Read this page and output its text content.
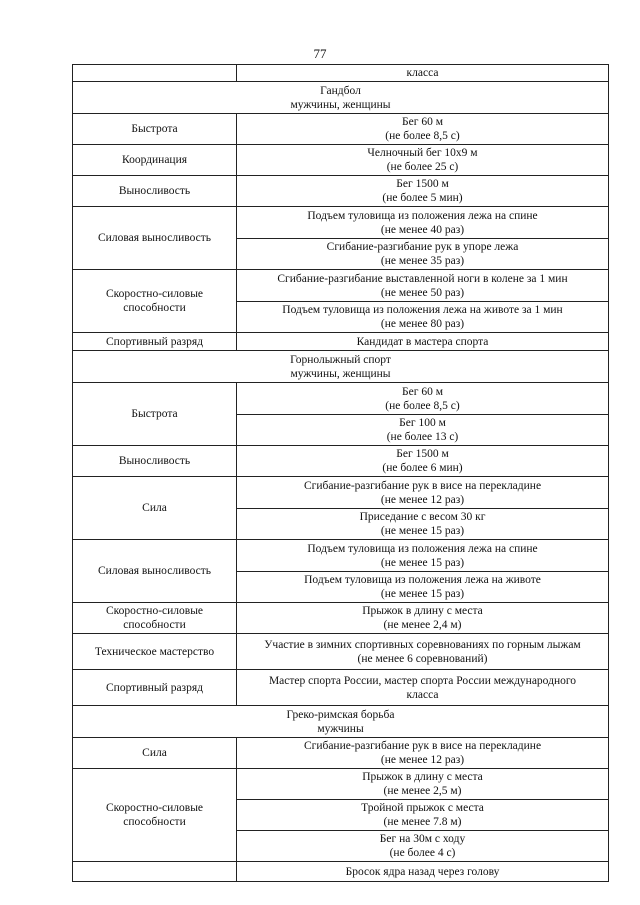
77

	класса

Гандбол
мужчины, женщины	

Быстрота	Бег 60 м
(не более 8,5 с)

Координация	Челночный бег 10х9 м
(не более 25 с)

Выносливость	Бег 1500 м
(не более 5 мин)

Силовая выносливость	Подъем туловища из положения лежа на спине
(не менее 40 раз)

	Сгибание-разгибание рук в упоре лежа
(не менее 35 раз)

Скоростно-силовые способности	Сгибание-разгибание выставленной ноги в колене за 1 мин
(не менее 50 раз)

	Подъем туловища из положения лежа на животе за 1 мин
(не менее 80 раз)

Спортивный разряд	Кандидат в мастера спорта

Горнолыжный спорт
мужчины, женщины	

Быстрота	Бег 60 м
(не более 8,5 с)

	Бег 100 м
(не более 13 с)

Выносливость	Бег 1500 м
(не более 6 мин)

Сила	Сгибание-разгибание рук в висе на перекладине
(не менее 12 раз)

	Приседание с весом 30 кг
(не менее 15 раз)

Силовая выносливость	Подъем туловища из положения лежа на спине
(не менее 15 раз)

	Подъем туловища из положения лежа на животе
(не менее 15 раз)

Скоростно-силовые способности	Прыжок в длину с места
(не менее 2,4 м)

Техническое мастерство	Участие в зимних спортивных соревнованиях по горным лыжам
(не менее 6 соревнований)

Спортивный разряд	Мастер спорта России, мастер спорта России международного
класса

Греко-римская борьба
мужчины	

Сила	Сгибание-разгибание рук в висе на перекладине
(не менее 12 раз)

Скоростно-силовые способности	Прыжок в длину с места
(не менее 2,5 м)

	Тройной прыжок с места
(не менее 7.8 м)

	Бег на 30м с ходу
(не более 4 с)

	Бросок ядра назад через голову
